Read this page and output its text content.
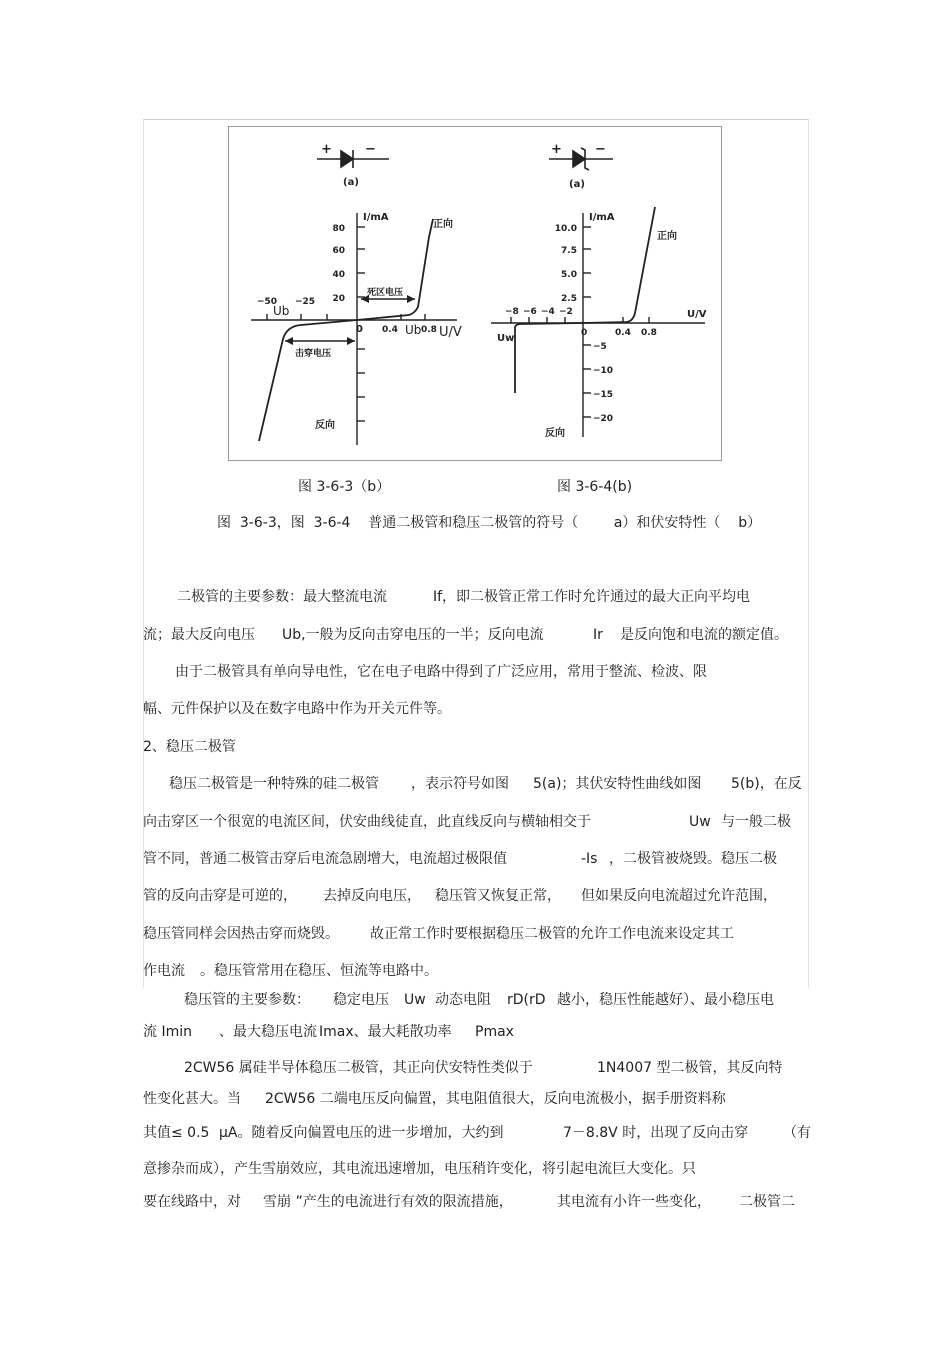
+	−
(a)
+	−
(a)
I/mA
80
60
40
20
−50 −25
0 0.4	0.8
Ub
Ub U/V
正向
反向
死区电压
击穿电压
I/mA
10.0
7.5
5.0
2.5
−5
−10
−15
−20
−8 −6 −4 −2
0	0.4 0.8
U/V
Uw
正向
反向
图 3-6-3（b）	图 3-6-4(b)
图  3-6-3，图  3-6-4    普通二极管和稳压二极管的符号（        a）和伏安特性（    b）
二极管的主要参数：最大整流电流	If，即二极管正常工作时允许通过的最大正向平均电
流；最大反向电压 Ub,一般为反向击穿电压的一半；反向电流	Ir 是反向饱和电流的额定值。
由于二极管具有单向导电性，它在电子电路中得到了广泛应用，常用于整流、检波、限
幅、元件保护以及在数字电路中作为开关元件等。
2、稳压二极管
稳压二极管是一种特殊的硅二极管 ，表示符号如图 5(a)；其伏安特性曲线如图 5(b)，在反
向击穿区一个很宽的电流区间，伏安曲线徒直，此直线反向与横轴相交于	Uw 与一般二极
管不同，普通二极管击穿后电流急剧增大，电流超过极限值	-Is ，二极管被烧毁。稳压二极
管的反向击穿是可逆的， 去掉反向电压， 稳压管又恢复正常， 但如果反向电流超过允许范围，
稳压管同样会因热击穿而烧毁。 故正常工作时要根据稳压二极管的允许工作电流来设定其工
作电流 。稳压管常用在稳压、恒流等电路中。
稳压管的主要参数： 稳定电压 Uw 动态电阻 rD(rD 越小，稳压性能越好）、最小稳压电
流 Imin 、最大稳压电流 Imax、最大耗散功率 Pmax
2CW56 属硅半导体稳压二极管，其正向伏安特性类似于	1N4007 型二极管，其反向特
性变化甚大。当 2CW56 二端电压反向偏置，其电阻值很大，反向电流极小，据手册资料称
其值≤ 0.5 μA。随着反向偏置电压的进一步增加，大约到	7－8.8V 时，出现了反向击穿 （有
意掺杂而成），产生雪崩效应，其电流迅速增加，电压稍许变化，将引起电流巨大变化。只
要在线路中，对 雪崩 ”产生的电流进行有效的限流措施，	其电流有小许一些变化， 二极管二
